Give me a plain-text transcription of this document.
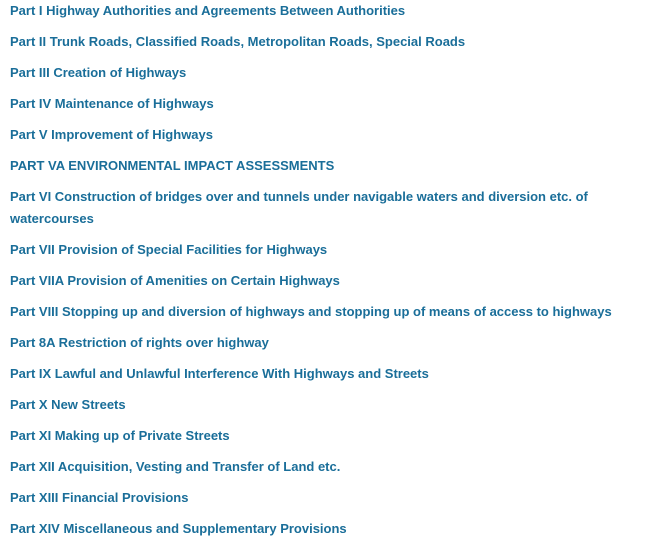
Part I Highway Authorities and Agreements Between Authorities
Part II Trunk Roads, Classified Roads, Metropolitan Roads, Special Roads
Part III Creation of Highways
Part IV Maintenance of Highways
Part V Improvement of Highways
PART VA ENVIRONMENTAL IMPACT ASSESSMENTS
Part VI Construction of bridges over and tunnels under navigable waters and diversion etc. of watercourses
Part VII Provision of Special Facilities for Highways
Part VIIA Provision of Amenities on Certain Highways
Part VIII Stopping up and diversion of highways and stopping up of means of access to highways
Part 8A Restriction of rights over highway
Part IX Lawful and Unlawful Interference With Highways and Streets
Part X New Streets
Part XI Making up of Private Streets
Part XII Acquisition, Vesting and Transfer of Land etc.
Part XIII Financial Provisions
Part XIV Miscellaneous and Supplementary Provisions
